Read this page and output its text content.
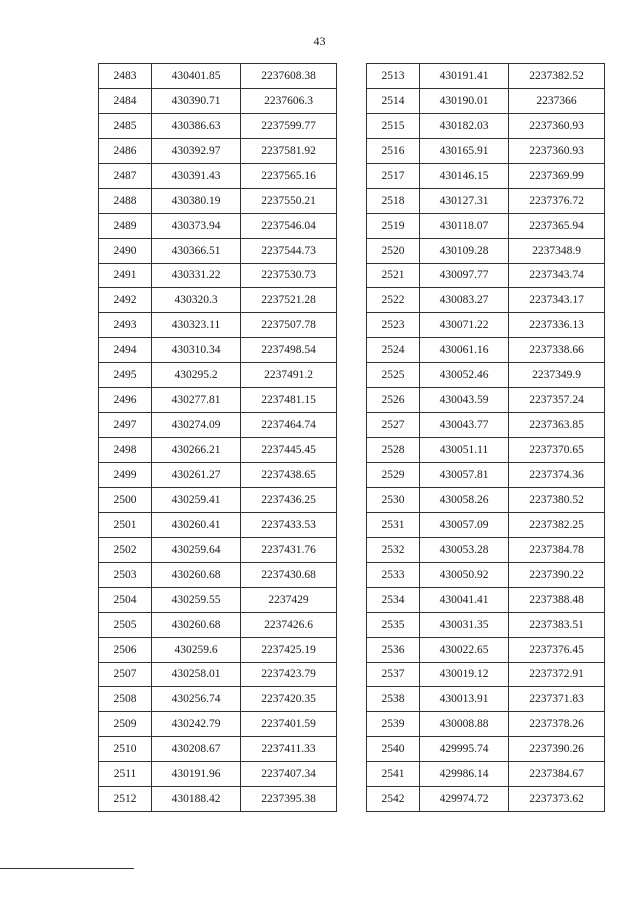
43
2483	430401.85	2237608.38
2484	430390.71	2237606.3
2485	430386.63	2237599.77
2486	430392.97	2237581.92
2487	430391.43	2237565.16
2488	430380.19	2237550.21
2489	430373.94	2237546.04
2490	430366.51	2237544.73
2491	430331.22	2237530.73
2492	430320.3	2237521.28
2493	430323.11	2237507.78
2494	430310.34	2237498.54
2495	430295.2	2237491.2
2496	430277.81	2237481.15
2497	430274.09	2237464.74
2498	430266.21	2237445.45
2499	430261.27	2237438.65
2500	430259.41	2237436.25
2501	430260.41	2237433.53
2502	430259.64	2237431.76
2503	430260.68	2237430.68
2504	430259.55	2237429
2505	430260.68	2237426.6
2506	430259.6	2237425.19
2507	430258.01	2237423.79
2508	430256.74	2237420.35
2509	430242.79	2237401.59
2510	430208.67	2237411.33
2511	430191.96	2237407.34
2512	430188.42	2237395.38
2513	430191.41	2237382.52
2514	430190.01	2237366
2515	430182.03	2237360.93
2516	430165.91	2237360.93
2517	430146.15	2237369.99
2518	430127.31	2237376.72
2519	430118.07	2237365.94
2520	430109.28	2237348.9
2521	430097.77	2237343.74
2522	430083.27	2237343.17
2523	430071.22	2237336.13
2524	430061.16	2237338.66
2525	430052.46	2237349.9
2526	430043.59	2237357.24
2527	430043.77	2237363.85
2528	430051.11	2237370.65
2529	430057.81	2237374.36
2530	430058.26	2237380.52
2531	430057.09	2237382.25
2532	430053.28	2237384.78
2533	430050.92	2237390.22
2534	430041.41	2237388.48
2535	430031.35	2237383.51
2536	430022.65	2237376.45
2537	430019.12	2237372.91
2538	430013.91	2237371.83
2539	430008.88	2237378.26
2540	429995.74	2237390.26
2541	429986.14	2237384.67
2542	429974.72	2237373.62
